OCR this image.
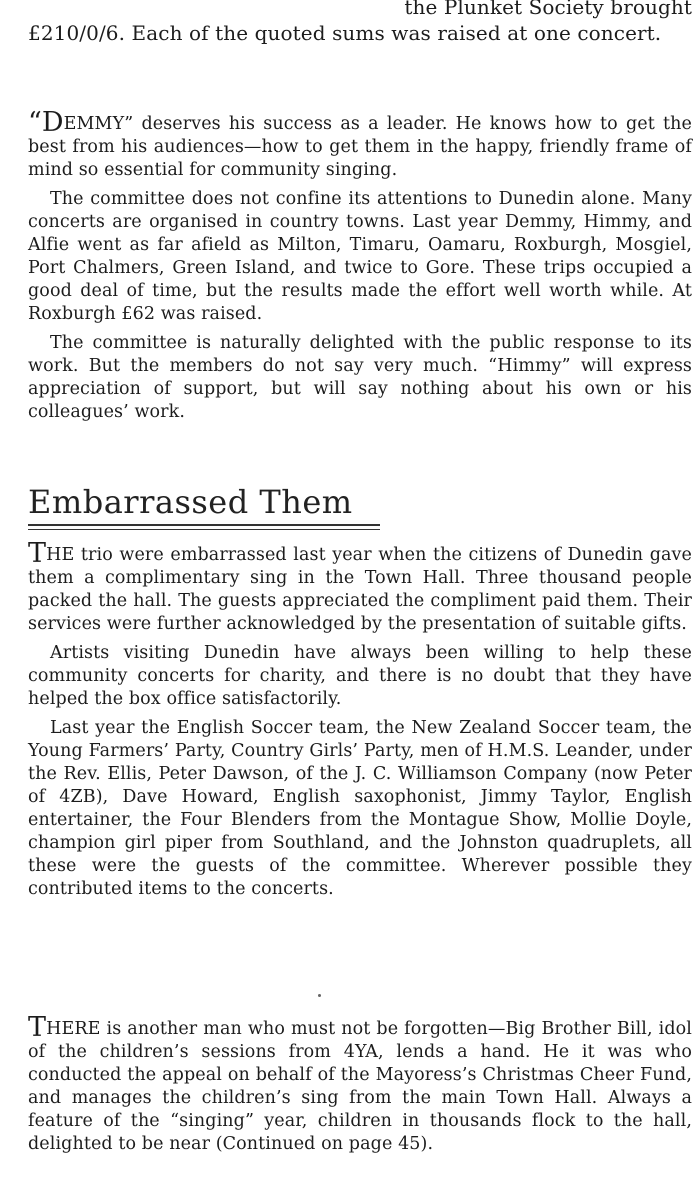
the Plunket Society brought

£210/0/6. Each of the quoted sums was raised at one concert.

“DEMMY” deserves his success as a leader. He knows how to get the best from his audiences—how to get them in the happy, friendly frame of mind so essential for community singing.

The committee does not confine its attentions to Dunedin alone. Many concerts are organised in country towns. Last year Demmy, Himmy, and Alfie went as far afield as Milton, Timaru, Oamaru, Roxburgh, Mosgiel, Port Chalmers, Green Island, and twice to Gore. These trips occupied a good deal of time, but the results made the effort well worth while. At Roxburgh £62 was raised.

The committee is naturally delighted with the public response to its work. But the members do not say very much. “Himmy” will express appreciation of support, but will say nothing about his own or his colleagues’ work.

Embarrassed Them

THE trio were embarrassed last year when the citizens of Dunedin gave them a complimentary sing in the Town Hall. Three thousand people packed the hall. The guests appreciated the compliment paid them. Their services were further acknowledged by the presentation of suitable gifts.

Artists visiting Dunedin have always been willing to help these community concerts for charity, and there is no doubt that they have helped the box office satisfactorily.

Last year the English Soccer team, the New Zealand Soccer team, the Young Farmers’ Party, Country Girls’ Party, men of H.M.S. Leander, under the Rev. Ellis, Peter Dawson, of the J. C. Williamson Company (now Peter of 4ZB), Dave Howard, English saxophonist, Jimmy Taylor, English entertainer, the Four Blenders from the Montague Show, Mollie Doyle, champion girl piper from Southland, and the Johnston quadruplets, all these were the guests of the committee. Wherever possible they contributed items to the concerts.

THERE is another man who must not be forgotten—Big Brother Bill, idol of the children’s sessions from 4YA, lends a hand. He it was who conducted the appeal on behalf of the Mayoress’s Christmas Cheer Fund, and manages the children’s sing from the main Town Hall. Always a feature of the “singing” year, children in thousands flock to the hall, delighted to be near (Continued on page 45).
